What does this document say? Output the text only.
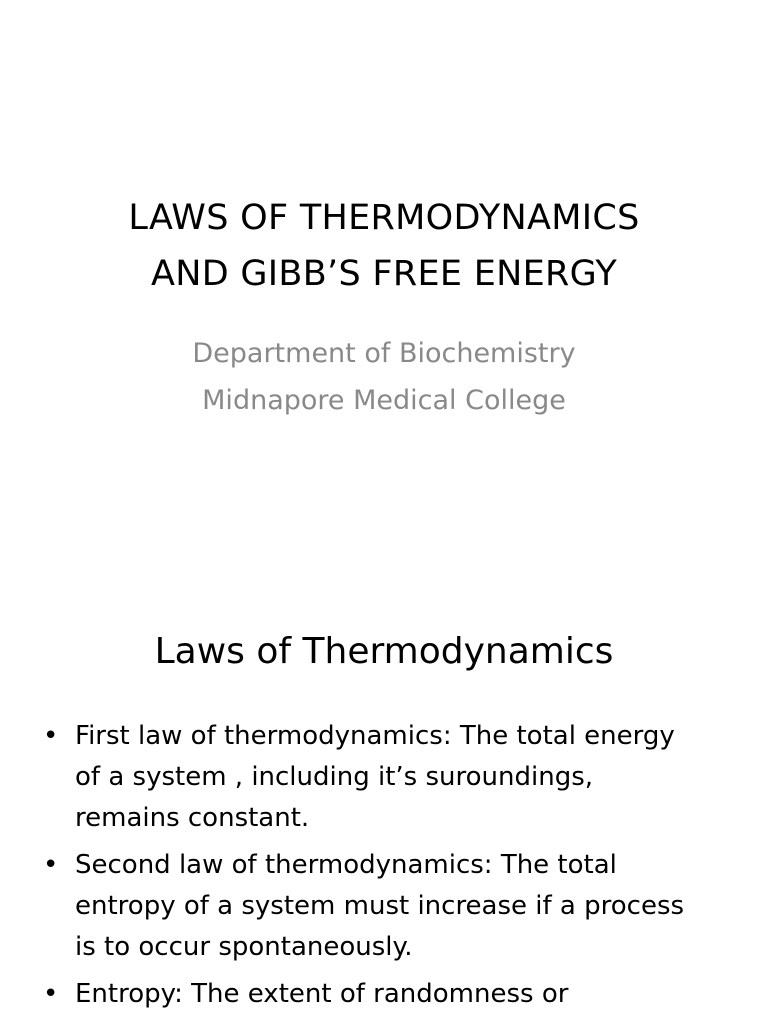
LAWS OF THERMODYNAMICS
AND GIBB’S FREE ENERGY
Department of Biochemistry
Midnapore Medical College
Laws of Thermodynamics
• First law of thermodynamics: The total energy
of a system , including it’s suroundings,
remains constant.
• Second law of thermodynamics: The total
entropy of a system must increase if a process
is to occur spontaneously.
• Entropy: The extent of randomness or
